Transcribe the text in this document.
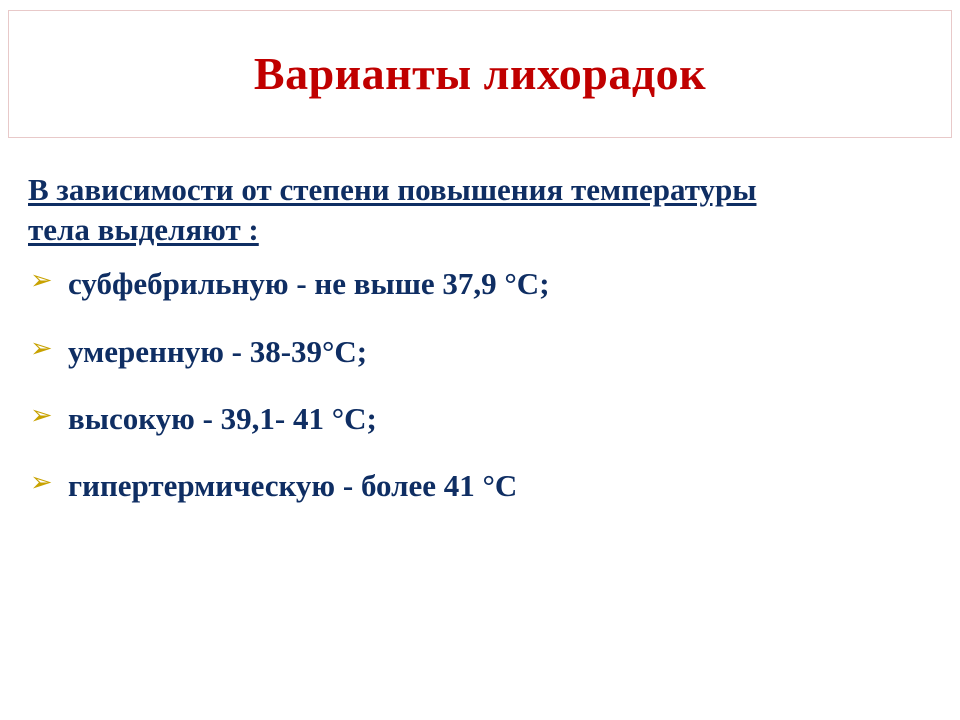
Варианты лихорадок

В зависимости от степени повышения температуры тела выделяют :

➢ субфебрильную - не выше 37,9 °C;
➢ умеренную - 38-39°C;
➢ высокую - 39,1- 41 °C;
➢ гипертермическую - более 41 °C
